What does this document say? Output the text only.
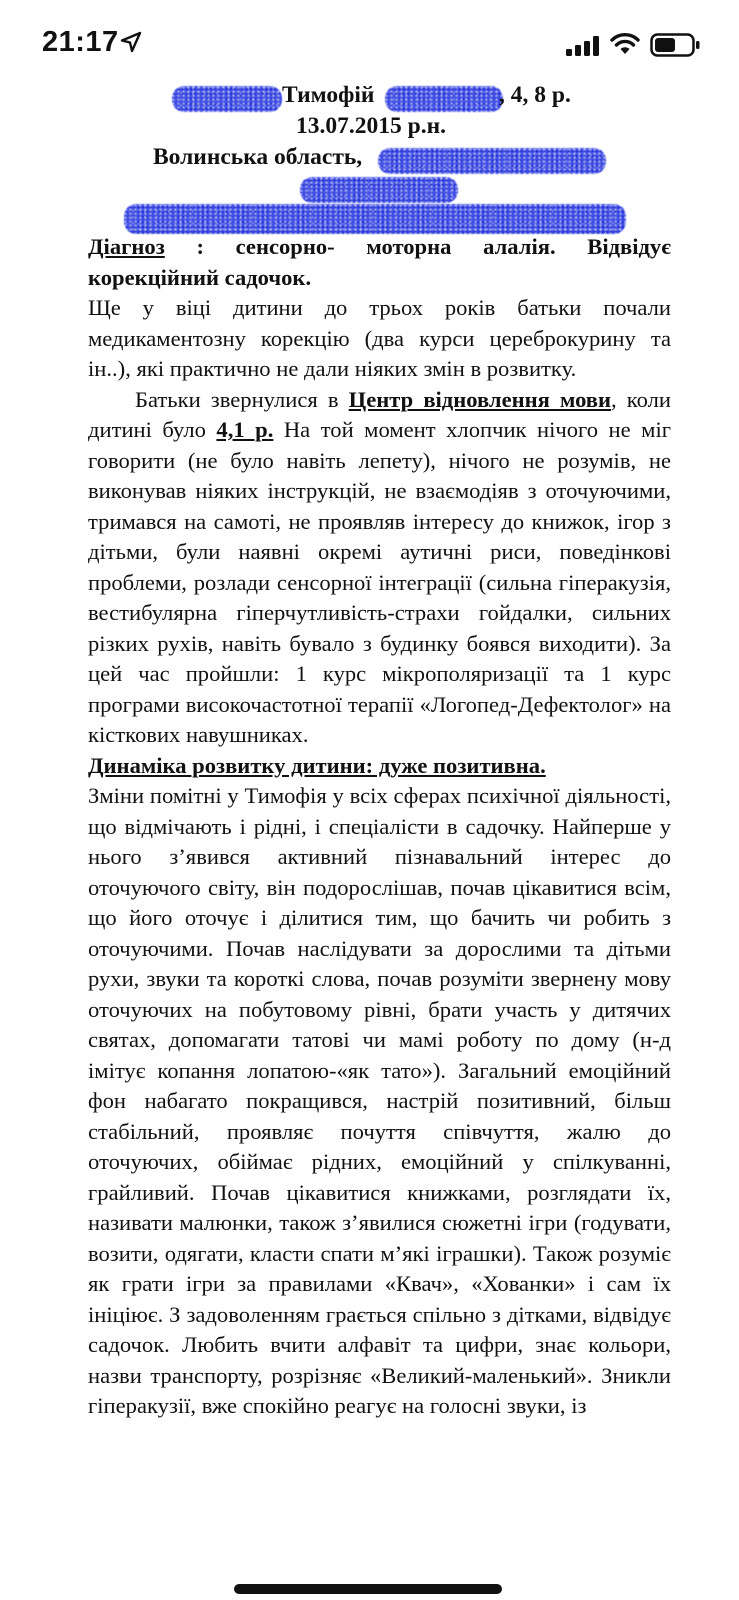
21:17
Тимофій	, 4, 8 р.
13.07.2015 р.н.
Волинська область,

Діагноз : сенсорно- моторна алалія. Відвідує корекційний садочок.

Ще у віці дитини до трьох років батьки почали медикаментозну корекцію (два курси цереброкурину та ін..), які практично не дали ніяких змін в розвитку.

Батьки звернулися в Центр відновлення мови, коли дитині було 4,1 р. На той момент хлопчик нічого не міг говорити (не було навіть лепету), нічого не розумів, не виконував ніяких інструкцій, не взаємодіяв з оточуючими, тримався на самоті, не проявляв інтересу до книжок, ігор з дітьми, були наявні окремі аутичні риси, поведінкові проблеми, розлади сенсорної інтеграції (сильна гіперакузія, вестибулярна гіперчутливість-страхи гойдалки, сильних різких рухів, навіть бувало з будинку боявся виходити). За цей час пройшли: 1 курс мікрополяризації та 1 курс програми високочастотної терапії «Логопед-Дефектолог» на кісткових навушниках.

Динаміка розвитку дитини: дуже позитивна.

Зміни помітні у Тимофія у всіх сферах психічної діяльності, що відмічають і рідні, і спеціалісти в садочку. Найперше у нього з’явився активний пізнавальний інтерес до оточуючого світу, він подорослішав, почав цікавитися всім, що його оточує і ділитися тим, що бачить чи робить з оточуючими. Почав наслідувати за дорослими та дітьми рухи, звуки та короткі слова, почав розуміти звернену мову оточуючих на побутовому рівні, брати участь у дитячих святах, допомагати татові чи мамі роботу по дому (н-д імітує копання лопатою-«як тато»). Загальний емоційний фон набагато покращився, настрій позитивний, більш стабільний, проявляє почуття співчуття, жалю до оточуючих, обіймає рідних, емоційний у спілкуванні, грайливий. Почав цікавитися книжками, розглядати їх, називати малюнки, також з’явилися сюжетні ігри (годувати, возити, одягати, класти спати м’які іграшки). Також розуміє як грати ігри за правилами «Квач», «Хованки» і сам їх ініціює. З задоволенням грається спільно з дітками, відвідує садочок. Любить вчити алфавіт та цифри, знає кольори, назви транспорту, розрізняє «Великий-маленький». Зникли гіперакузії, вже спокійно реагує на голосні звуки, із
